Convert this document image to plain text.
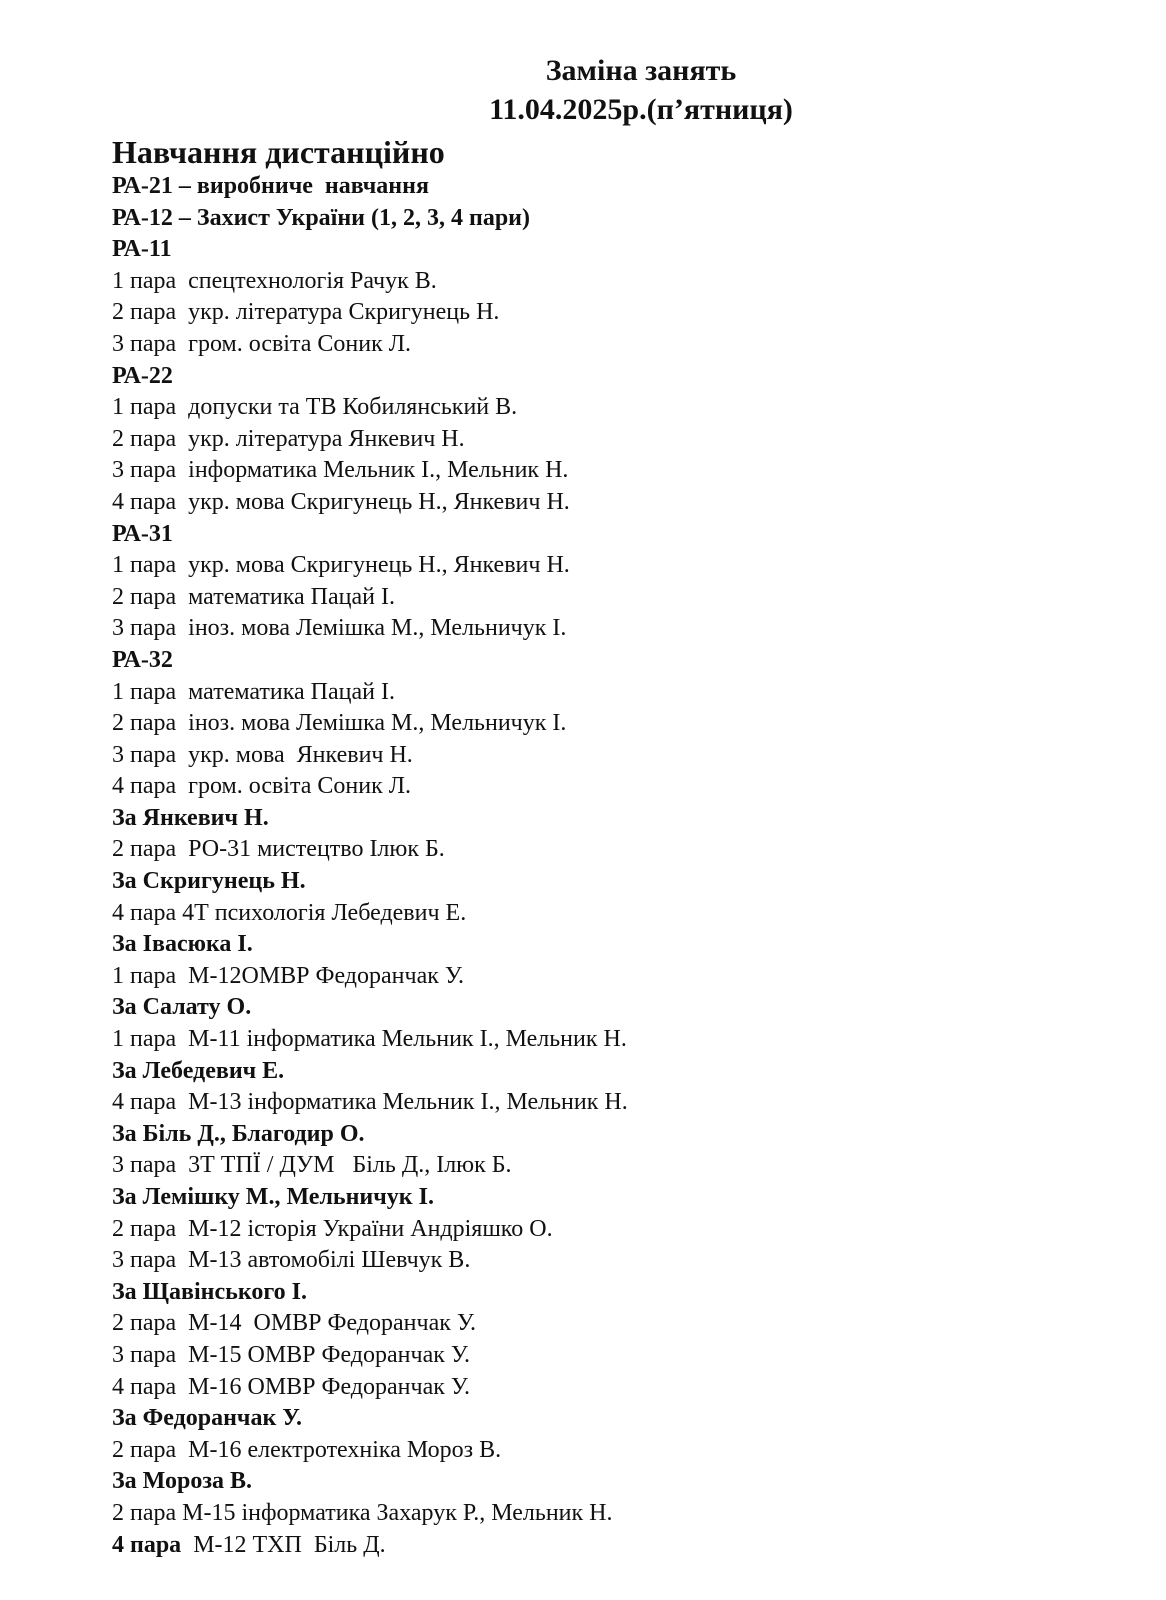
Заміна занять
11.04.2025р.(п’ятниця)
Навчання дистанційно
РА-21 – виробниче  навчання
РА-12 – Захист України (1, 2, 3, 4 пари)
РА-11
1 пара  спецтехнологія Рачук В.
2 пара  укр. література Скригунець Н.
3 пара  гром. освіта Соник Л.
РА-22
1 пара  допуски та ТВ Кобилянський В.
2 пара  укр. література Янкевич Н.
3 пара  інформатика Мельник І., Мельник Н.
4 пара  укр. мова Скригунець Н., Янкевич Н.
РА-31
1 пара  укр. мова Скригунець Н., Янкевич Н.
2 пара  математика Пацай І.
3 пара  іноз. мова Лемішка М., Мельничук І.
РА-32
1 пара  математика Пацай І.
2 пара  іноз. мова Лемішка М., Мельничук І.
3 пара  укр. мова  Янкевич Н.
4 пара  гром. освіта Соник Л.
За Янкевич Н.
2 пара  РО-31 мистецтво Ілюк Б.
За Скригунець Н.
4 пара 4Т психологія Лебедевич Е.
За Івасюка І.
1 пара  М-12ОМВР Федоранчак У.
За Салату О.
1 пара  М-11 інформатика Мельник І., Мельник Н.
За Лебедевич Е.
4 пара  М-13 інформатика Мельник І., Мельник Н.
За Біль Д., Благодир О.
3 пара  3Т ТПЇ / ДУМ   Біль Д., Ілюк Б.
За Лемішку М., Мельничук І.
2 пара  М-12 історія України Андріяшко О.
3 пара  М-13 автомобілі Шевчук В.
За Щавінського І.
2 пара  М-14  ОМВР Федоранчак У.
3 пара  М-15 ОМВР Федоранчак У.
4 пара  М-16 ОМВР Федоранчак У.
За Федоранчак У.
2 пара  М-16 електротехніка Мороз В.
За Мороза В.
2 пара М-15 інформатика Захарук Р., Мельник Н.
4 пара  М-12 ТХП  Біль Д.
